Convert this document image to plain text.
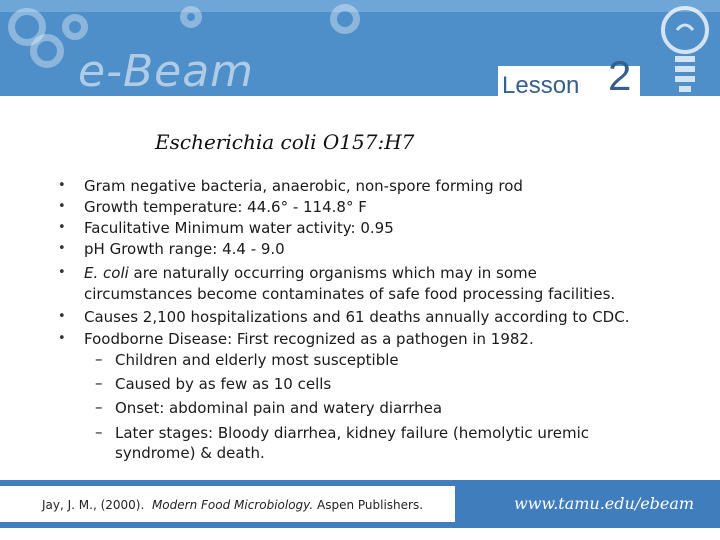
e-Beam	Lesson 2
Escherichia coli O157:H7
• Gram negative bacteria, anaerobic, non-spore forming rod
• Growth temperature: 44.6° - 114.8° F
• Faculitative Minimum water activity: 0.95
• pH Growth range: 4.4 - 9.0
• E. coli are naturally occurring organisms which may in some
circumstances become contaminates of safe food processing facilities.
• Causes 2,100 hospitalizations and 61 deaths annually according to CDC.
• Foodborne Disease: First recognized as a pathogen in 1982.
– Children and elderly most susceptible
– Caused by as few as 10 cells
– Onset: abdominal pain and watery diarrhea
– Later stages: Bloody diarrhea, kidney failure (hemolytic uremic
syndrome) & death.
Jay, J. M., (2000). Modern Food Microbiology. Aspen Publishers.	www.tamu.edu/ebeam
